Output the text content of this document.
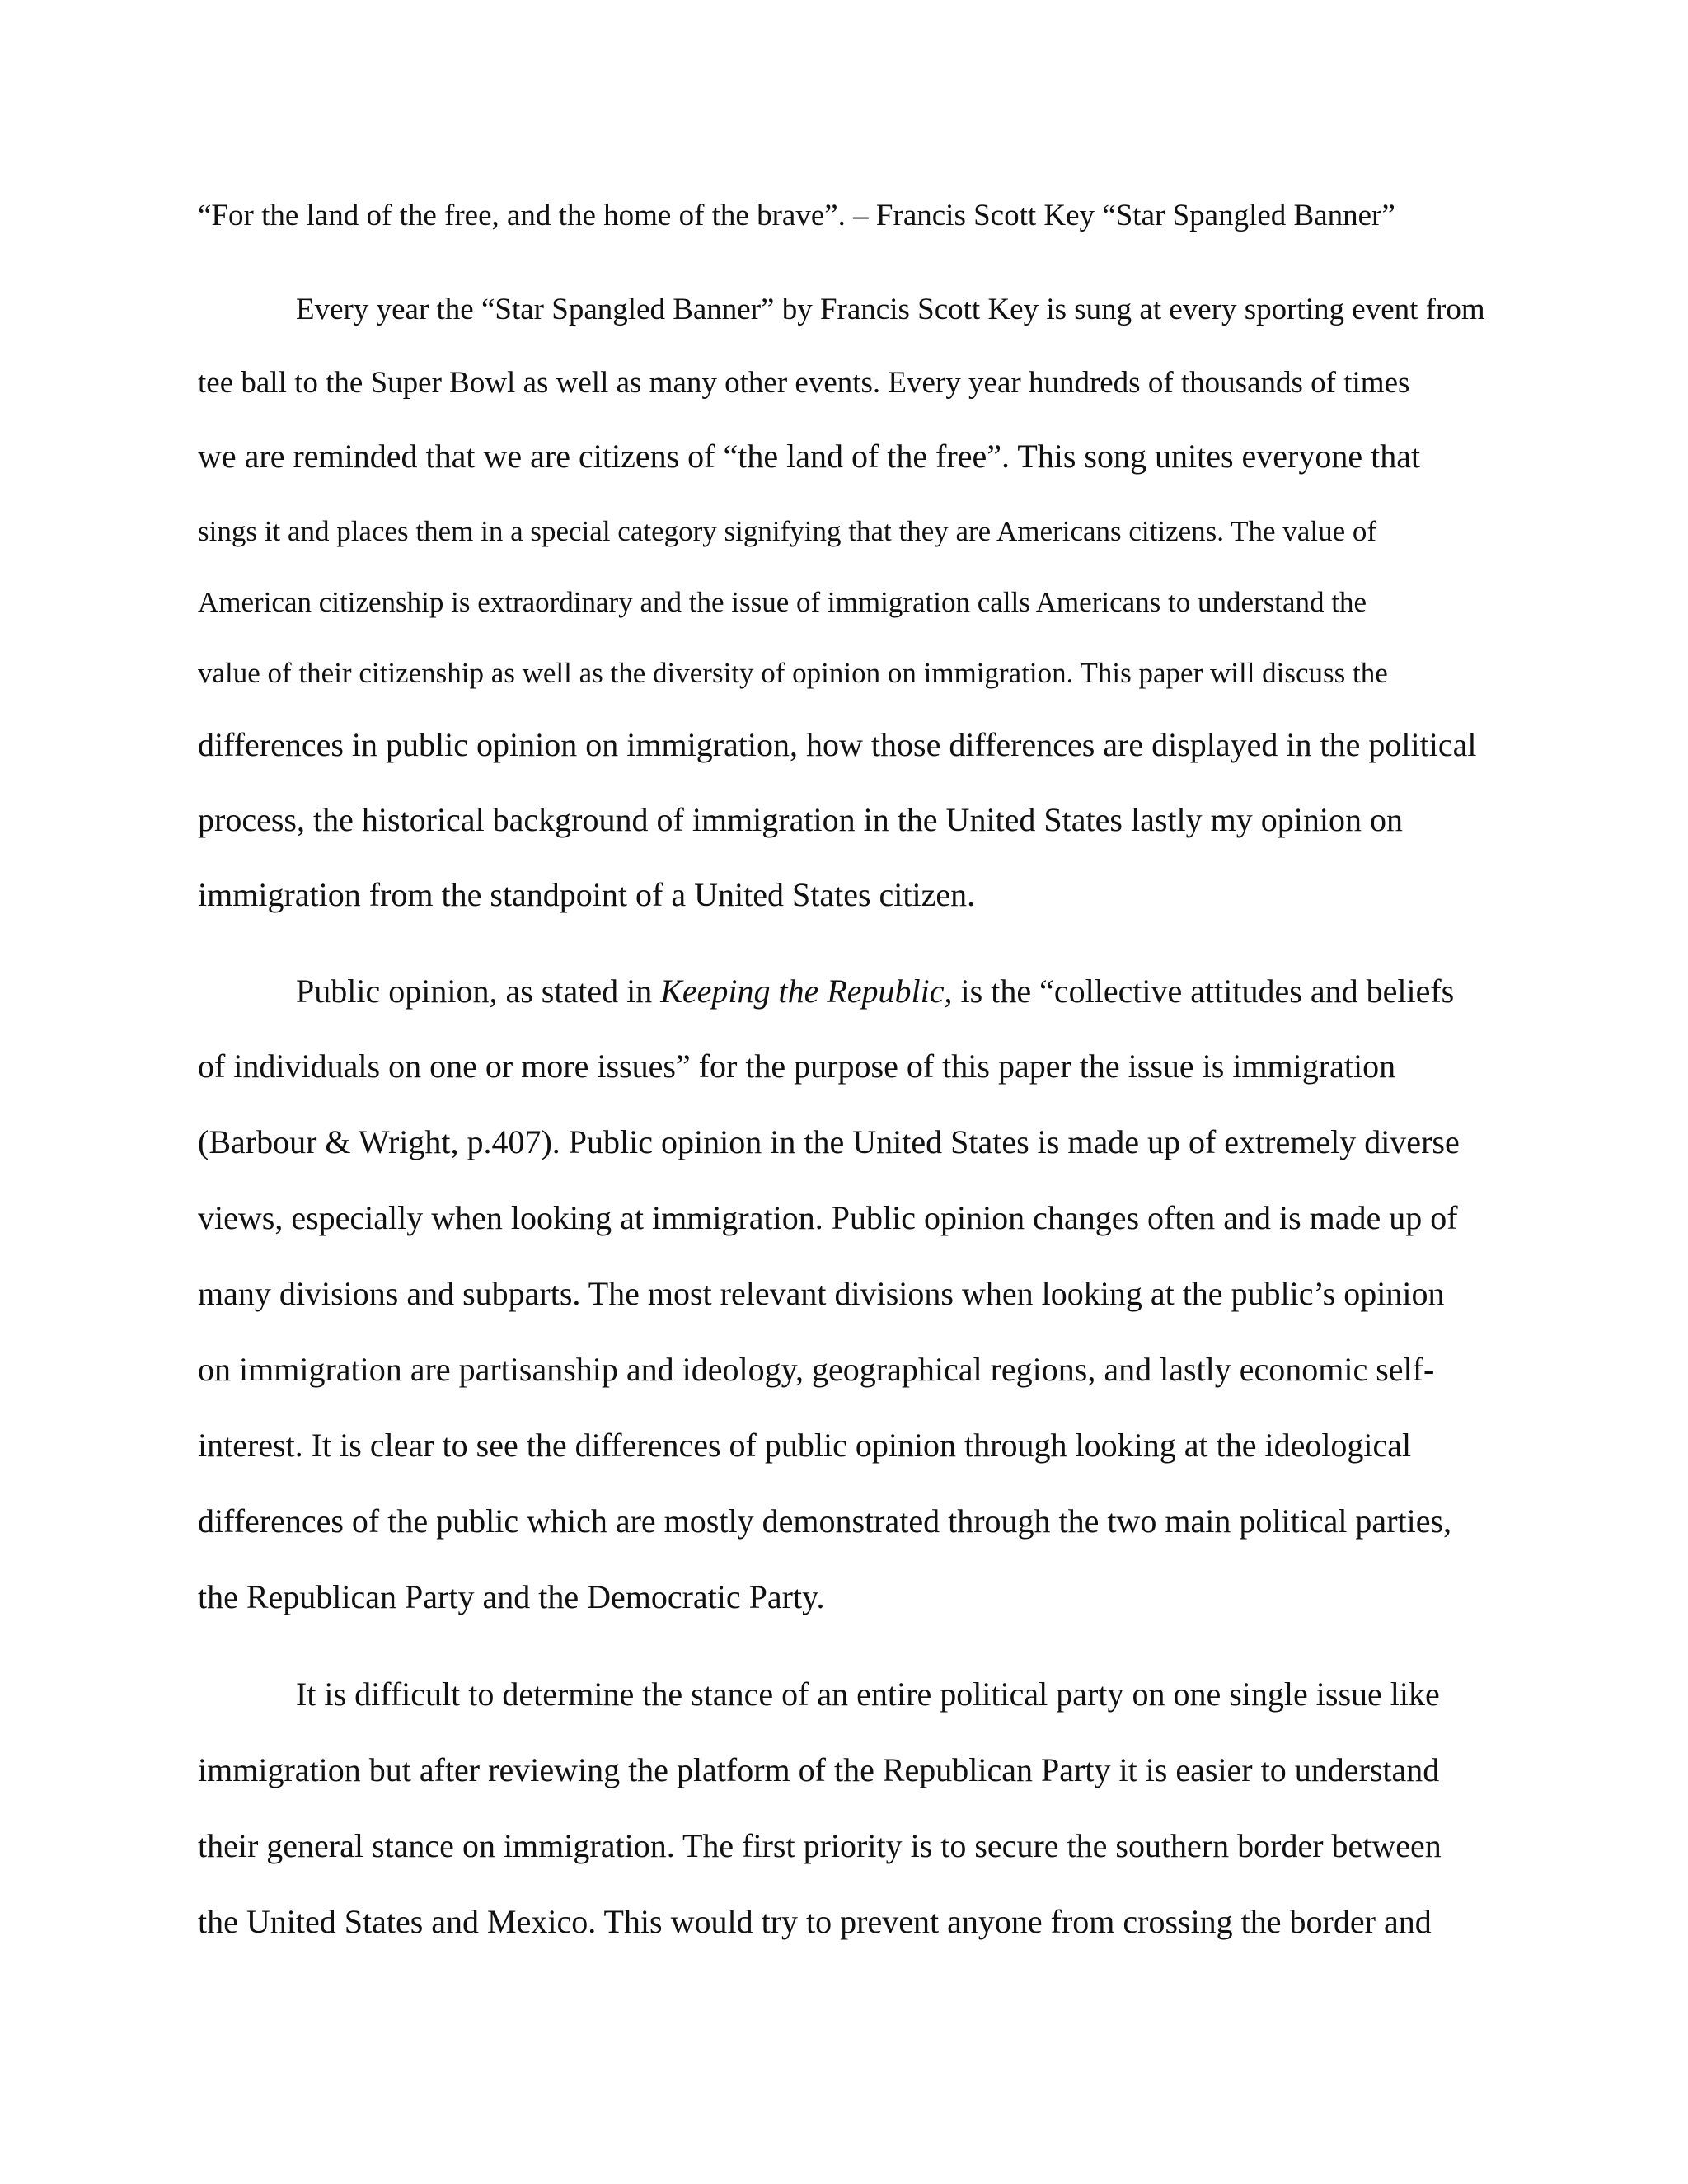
“For the land of the free, and the home of the brave”. – Francis Scott Key “Star Spangled Banner”
Every year the “Star Spangled Banner” by Francis Scott Key is sung at every sporting event from
tee ball to the Super Bowl as well as many other events. Every year hundreds of thousands of times
we are reminded that we are citizens of “the land of the free”. This song unites everyone that
sings it and places them in a special category signifying that they are Americans citizens. The value of
American citizenship is extraordinary and the issue of immigration calls Americans to understand the
value of their citizenship as well as the diversity of opinion on immigration. This paper will discuss the
differences in public opinion on immigration, how those differences are displayed in the political
process, the historical background of immigration in the United States lastly my opinion on
immigration from the standpoint of a United States citizen.
Public opinion, as stated in Keeping the Republic, is the “collective attitudes and beliefs
of individuals on one or more issues” for the purpose of this paper the issue is immigration
(Barbour & Wright, p.407). Public opinion in the United States is made up of extremely diverse
views, especially when looking at immigration. Public opinion changes often and is made up of
many divisions and subparts. The most relevant divisions when looking at the public’s opinion
on immigration are partisanship and ideology, geographical regions, and lastly economic self-
interest. It is clear to see the differences of public opinion through looking at the ideological
differences of the public which are mostly demonstrated through the two main political parties,
the Republican Party and the Democratic Party.
It is difficult to determine the stance of an entire political party on one single issue like
immigration but after reviewing the platform of the Republican Party it is easier to understand
their general stance on immigration. The first priority is to secure the southern border between
the United States and Mexico. This would try to prevent anyone from crossing the border and
